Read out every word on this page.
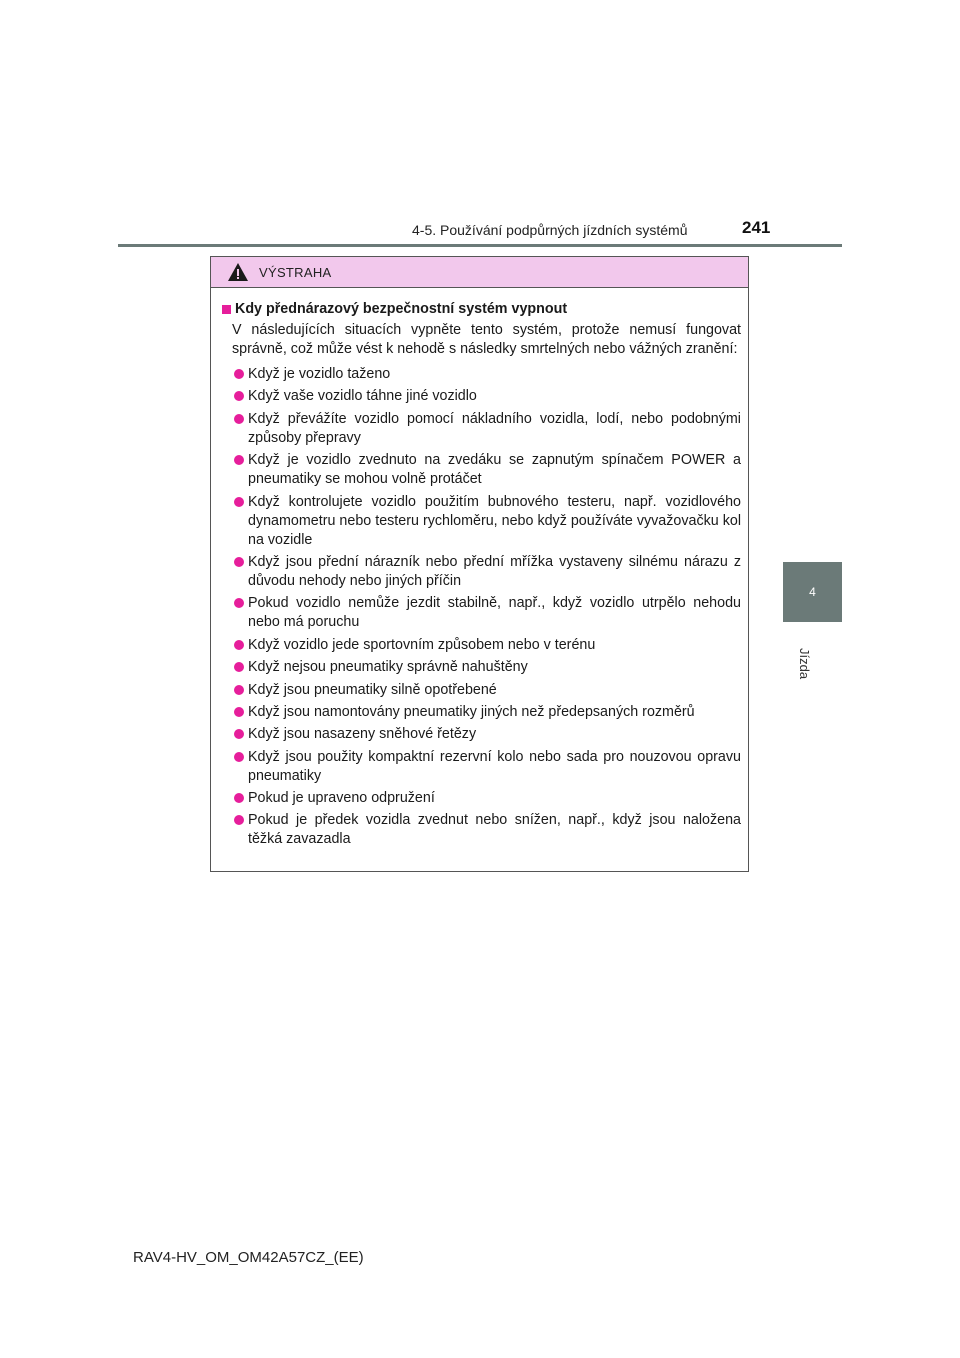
4-5. Používání podpůrných jízdních systémů	241
4
Jízda
VÝSTRAHA
Kdy přednárazový bezpečnostní systém vypnout
V následujících situacích vypněte tento systém, protože nemusí fungovat správně, což může vést k nehodě s následky smrtelných nebo vážných zranění:
Když je vozidlo taženo
Když vaše vozidlo táhne jiné vozidlo
Když převážíte vozidlo pomocí nákladního vozidla, lodí, nebo podobnými způsoby přepravy
Když je vozidlo zvednuto na zvedáku se zapnutým spínačem POWER a pneumatiky se mohou volně protáčet
Když kontrolujete vozidlo použitím bubnového testeru, např. vozidlového dynamometru nebo testeru rychloměru, nebo když používáte vyvažovačku kol na vozidle
Když jsou přední nárazník nebo přední mřížka vystaveny silnému nárazu z důvodu nehody nebo jiných příčin
Pokud vozidlo nemůže jezdit stabilně, např., když vozidlo utrpělo nehodu nebo má poruchu
Když vozidlo jede sportovním způsobem nebo v terénu
Když nejsou pneumatiky správně nahuštěny
Když jsou pneumatiky silně opotřebené
Když jsou namontovány pneumatiky jiných než předepsaných rozměrů
Když jsou nasazeny sněhové řetězy
Když jsou použity kompaktní rezervní kolo nebo sada pro nouzovou opravu pneumatiky
Pokud je upraveno odpružení
Pokud je předek vozidla zvednut nebo snížen, např., když jsou naložena těžká zavazadla
RAV4-HV_OM_OM42A57CZ_(EE)
